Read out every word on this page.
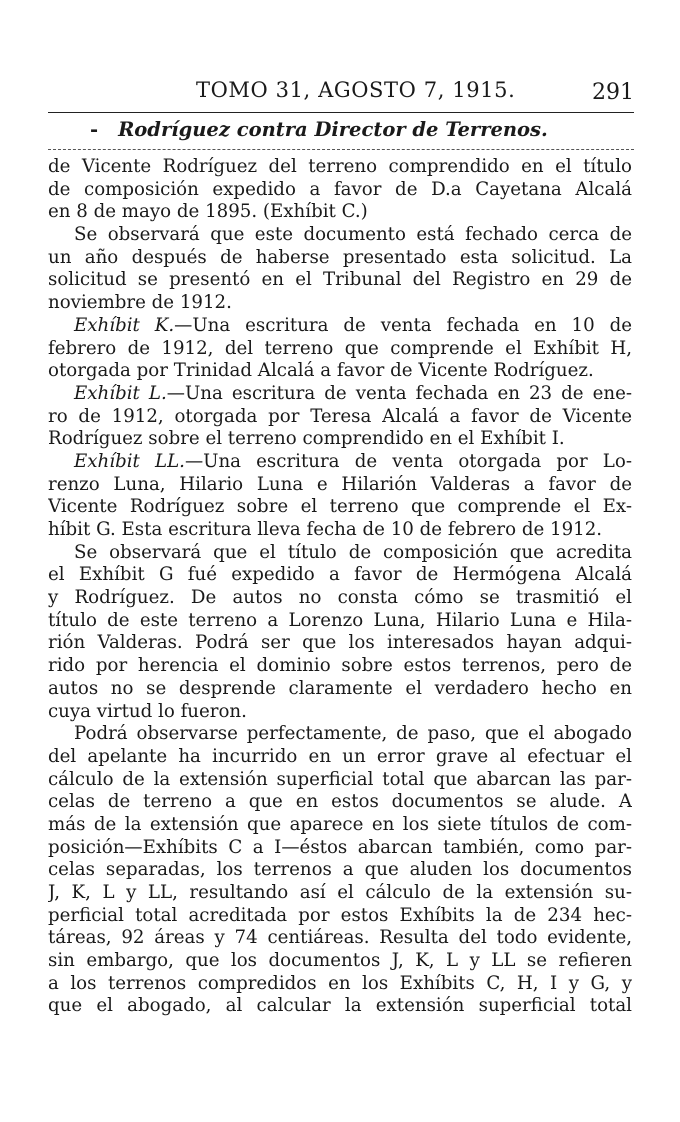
TOMO 31, AGOSTO 7, 1915.	291
- Rodríguez contra Director de Terrenos.
de Vicente Rodríguez del terreno comprendido en el título
de composición expedido a favor de D.a Cayetana Alcalá
en 8 de mayo de 1895. (Exhíbit C.)
Se observará que este documento está fechado cerca de
un año después de haberse presentado esta solicitud. La
solicitud se presentó en el Tribunal del Registro en 29 de
noviembre de 1912.
Exhíbit K.—Una escritura de venta fechada en 10 de
febrero de 1912, del terreno que comprende el Exhíbit H,
otorgada por Trinidad Alcalá a favor de Vicente Rodríguez.
Exhíbit L.—Una escritura de venta fechada en 23 de ene-
ro de 1912, otorgada por Teresa Alcalá a favor de Vicente
Rodríguez sobre el terreno comprendido en el Exhíbit I.
Exhíbit LL.—Una escritura de venta otorgada por Lo-
renzo Luna, Hilario Luna e Hilarión Valderas a favor de
Vicente Rodríguez sobre el terreno que comprende el Ex-
híbit G. Esta escritura lleva fecha de 10 de febrero de 1912.
Se observará que el título de composición que acredita
el Exhíbit G fué expedido a favor de Hermógena Alcalá
y Rodríguez. De autos no consta cómo se trasmitió el
título de este terreno a Lorenzo Luna, Hilario Luna e Hila-
rión Valderas. Podrá ser que los interesados hayan adqui-
rido por herencia el dominio sobre estos terrenos, pero de
autos no se desprende claramente el verdadero hecho en
cuya virtud lo fueron.
Podrá observarse perfectamente, de paso, que el abogado
del apelante ha incurrido en un error grave al efectuar el
cálculo de la extensión superficial total que abarcan las par-
celas de terreno a que en estos documentos se alude. A
más de la extensión que aparece en los siete títulos de com-
posición—Exhíbits C a I—éstos abarcan también, como par-
celas separadas, los terrenos a que aluden los documentos
J, K, L y LL, resultando así el cálculo de la extensión su-
perficial total acreditada por estos Exhíbits la de 234 hec-
táreas, 92 áreas y 74 centiáreas. Resulta del todo evidente,
sin embargo, que los documentos J, K, L y LL se refieren
a los terrenos compredidos en los Exhíbits C, H, I y G, y
que el abogado, al calcular la extensión superficial total
